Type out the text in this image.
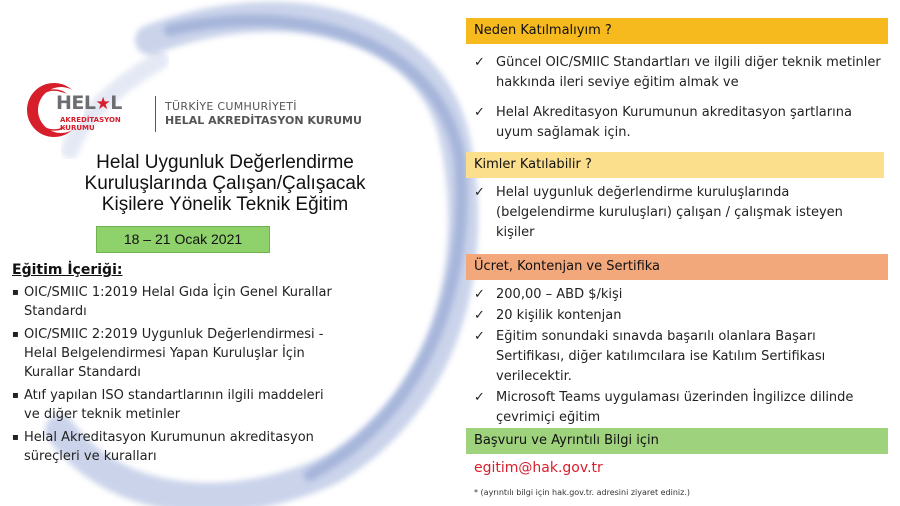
HEL★L
AKREDİTASYON KURUMU
TÜRKİYE CUMHURİYETİ
HELAL AKREDİTASYON KURUMU
Helal Uygunluk Değerlendirme
Kuruluşlarında Çalışan/Çalışacak
Kişilere Yönelik Teknik Eğitim
18 – 21 Ocak 2021
Eğitim İçeriği:
▪ OIC/SMIIC 1:2019 Helal Gıda İçin Genel Kurallar Standardı
▪ OIC/SMIIC 2:2019 Uygunluk Değerlendirmesi - Helal Belgelendirmesi Yapan Kuruluşlar İçin Kurallar Standardı
▪ Atıf yapılan ISO standartlarının ilgili maddeleri ve diğer teknik metinler
▪ Helal Akreditasyon Kurumunun akreditasyon süreçleri ve kuralları
Neden Katılmalıyım ?
✓ Güncel OIC/SMIIC Standartları ve ilgili diğer teknik metinler hakkında ileri seviye eğitim almak ve
✓ Helal Akreditasyon Kurumunun akreditasyon şartlarına uyum sağlamak için.
Kimler Katılabilir ?
✓ Helal uygunluk değerlendirme kuruluşlarında (belgelendirme kuruluşları) çalışan / çalışmak isteyen kişiler
Ücret, Kontenjan ve Sertifika
✓ 200,00 – ABD $/kişi
✓ 20 kişilik kontenjan
✓ Eğitim sonundaki sınavda başarılı olanlara Başarı Sertifikası, diğer katılımcılara ise Katılım Sertifikası verilecektir.
✓ Microsoft Teams uygulaması üzerinden İngilizce dilinde çevrimiçi eğitim
Başvuru ve Ayrıntılı Bilgi için
egitim@hak.gov.tr
* (ayrıntılı bilgi için hak.gov.tr. adresini ziyaret ediniz.)
